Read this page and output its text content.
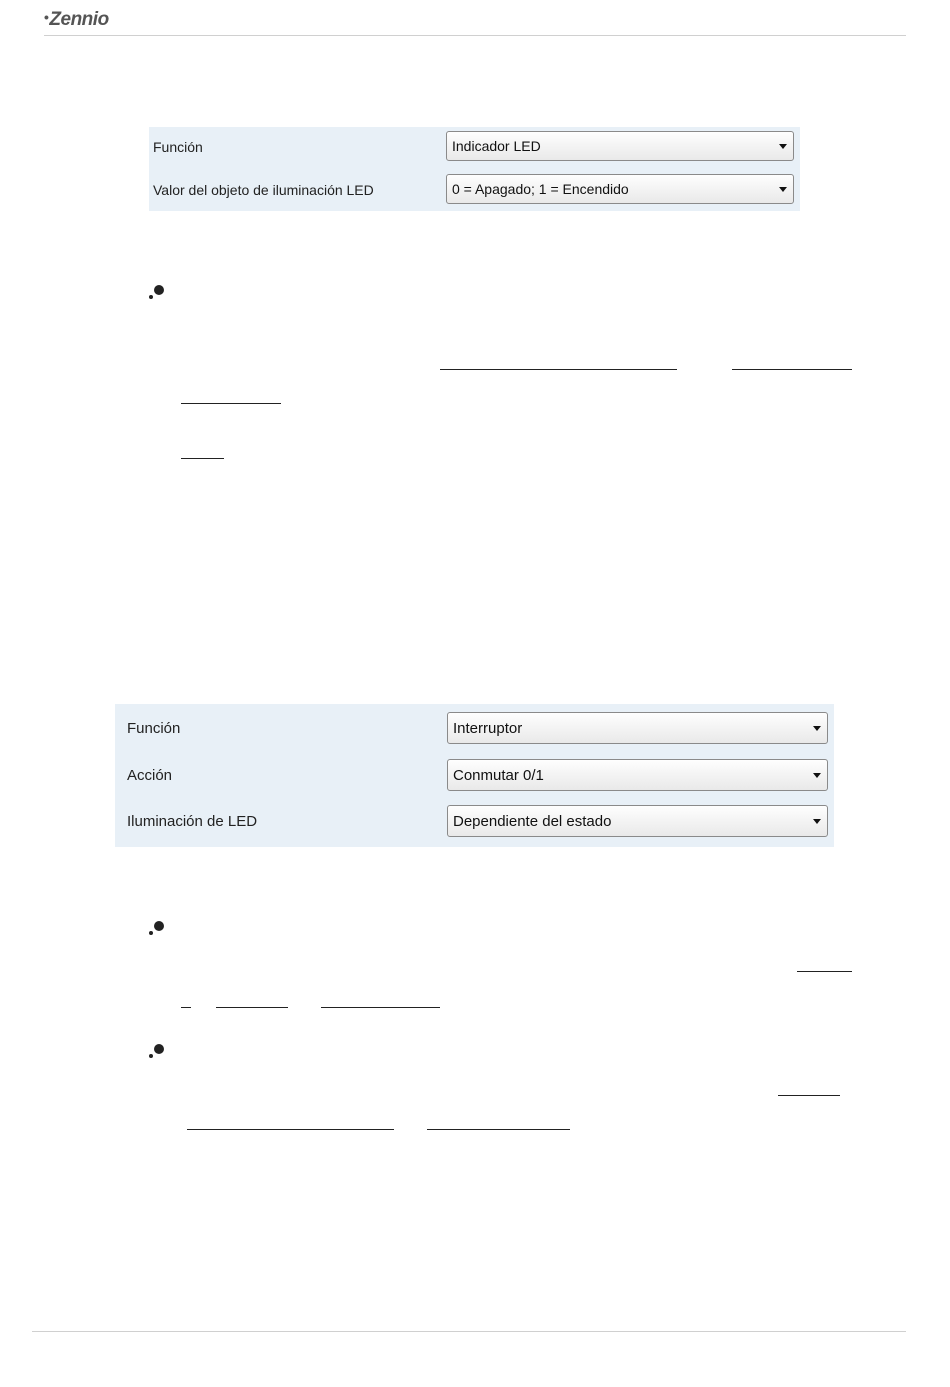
•Zennio
Función	Indicador LED
Valor del objeto de iluminación LED	0 = Apagado; 1 = Encendido
Función	Interruptor
Acción	Conmutar 0/1
Iluminación de LED	Dependiente del estado
